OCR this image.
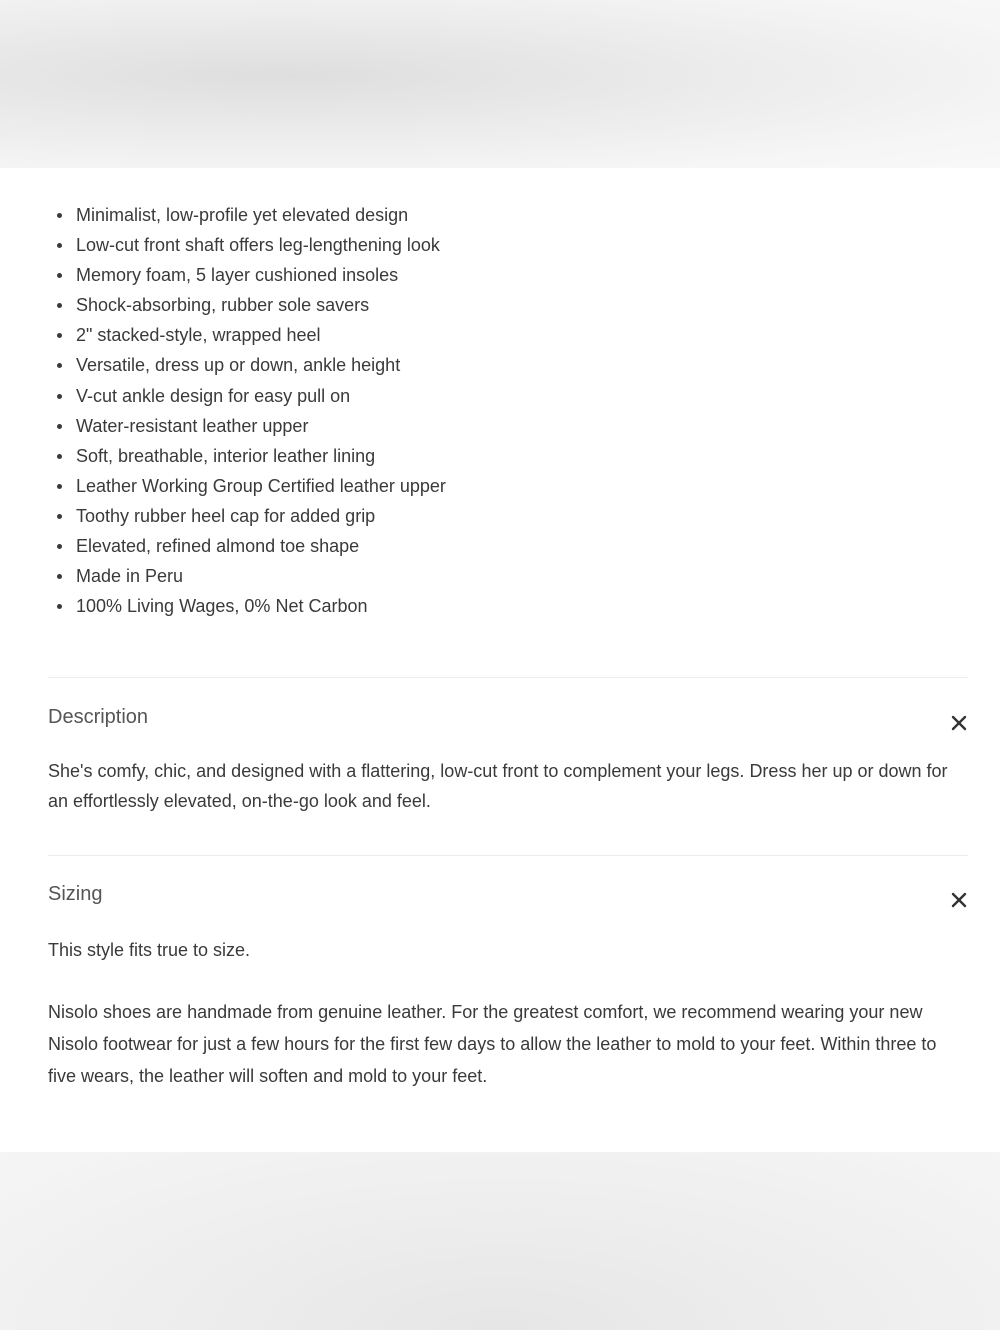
Minimalist, low-profile yet elevated design
Low-cut front shaft offers leg-lengthening look
Memory foam, 5 layer cushioned insoles
Shock-absorbing, rubber sole savers
2" stacked-style, wrapped heel
Versatile, dress up or down, ankle height
V-cut ankle design for easy pull on
Water-resistant leather upper
Soft, breathable, interior leather lining
Leather Working Group Certified leather upper
Toothy rubber heel cap for added grip
Elevated, refined almond toe shape
Made in Peru
100% Living Wages, 0% Net Carbon
Description

She's comfy, chic, and designed with a flattering, low-cut front to complement your legs. Dress her up or down for an effortlessly elevated, on-the-go look and feel.

Sizing

This style fits true to size.

Nisolo shoes are handmade from genuine leather. For the greatest comfort, we recommend wearing your new Nisolo footwear for just a few hours for the first few days to allow the leather to mold to your feet. Within three to five wears, the leather will soften and mold to your feet.
